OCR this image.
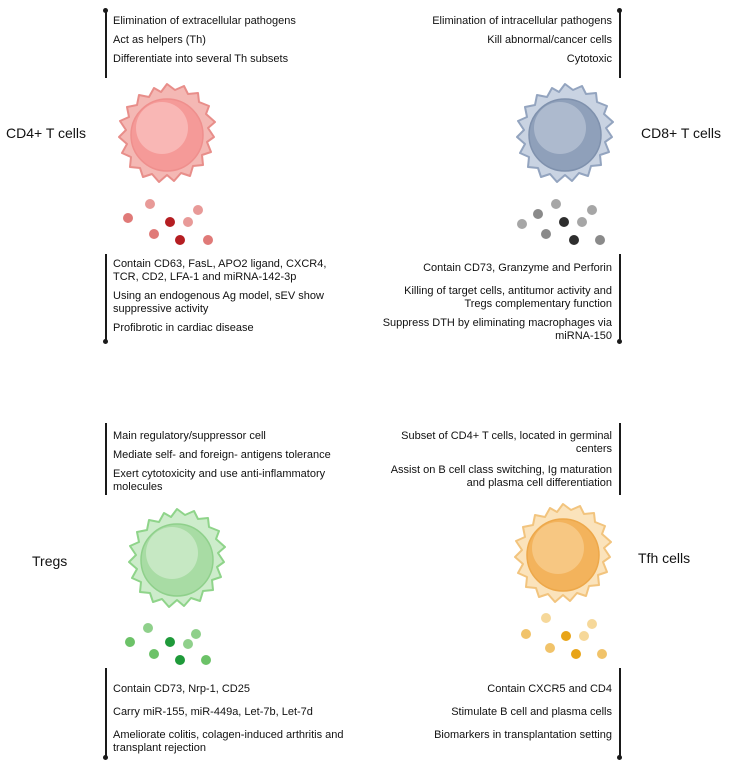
Elimination of extracellular pathogens

Act as helpers (Th)

Differentiate into several Th subsets

CD4+ T cells

Contain CD63, FasL, APO2 ligand, CXCR4, TCR, CD2, LFA-1 and miRNA-142-3p

Using an endogenous Ag model, sEV show suppressive activity

Profibrotic in cardiac disease

Elimination of intracellular pathogens

Kill abnormal/cancer cells

Cytotoxic

CD8+ T cells

Contain CD73, Granzyme and Perforin

Killing of target cells, antitumor activity and Tregs complementary function

Suppress DTH by eliminating macrophages via miRNA-150

Main regulatory/suppressor cell

Mediate self- and foreign- antigens tolerance

Exert cytotoxicity and use anti-inflammatory molecules

Tregs

Contain CD73, Nrp-1, CD25

Carry miR-155, miR-449a, Let-7b, Let-7d

Ameliorate colitis, colagen-induced arthritis and transplant rejection

Subset of CD4+ T cells, located in germinal centers

Assist on B cell class switching, Ig maturation and plasma cell differentiation

Tfh cells

Contain CXCR5 and CD4

Stimulate B cell and plasma cells

Biomarkers in transplantation setting
